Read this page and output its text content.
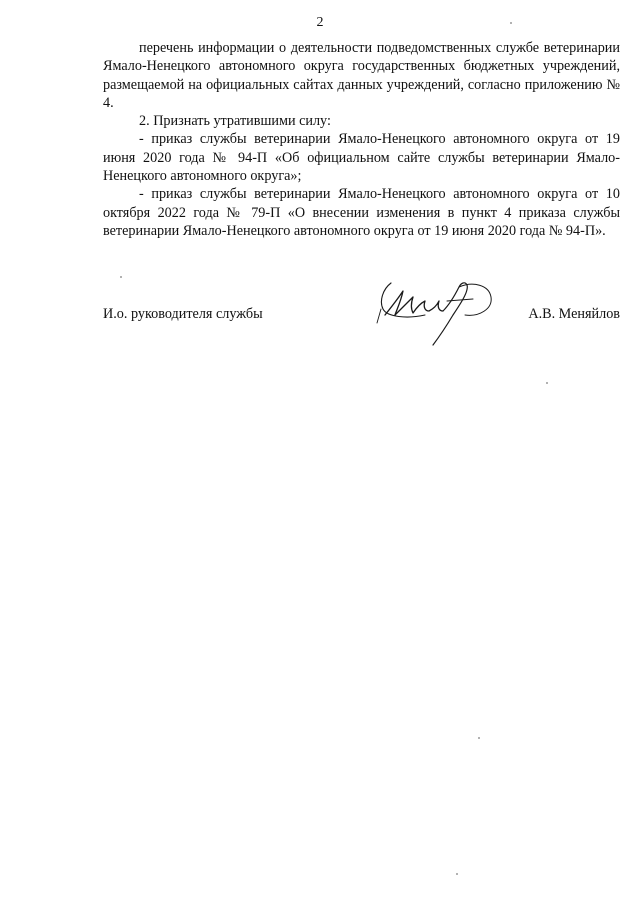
2

перечень информации о деятельности подведомственных службе ветеринарии Ямало-Ненецкого автономного округа государственных бюджетных учреждений, размещаемой на официальных сайтах данных учреждений, согласно приложению № 4.

2. Признать утратившими силу:

- приказ службы ветеринарии Ямало-Ненецкого автономного округа от 19 июня 2020 года № 94-П «Об официальном сайте службы ветеринарии Ямало-Ненецкого автономного округа»;

- приказ службы ветеринарии Ямало-Ненецкого автономного округа от 10 октября 2022 года № 79-П «О внесении изменения в пункт 4 приказа службы ветеринарии Ямало-Ненецкого автономного округа от 19 июня 2020 года № 94-П».

И.о. руководителя службы	А.В. Меняйлов
